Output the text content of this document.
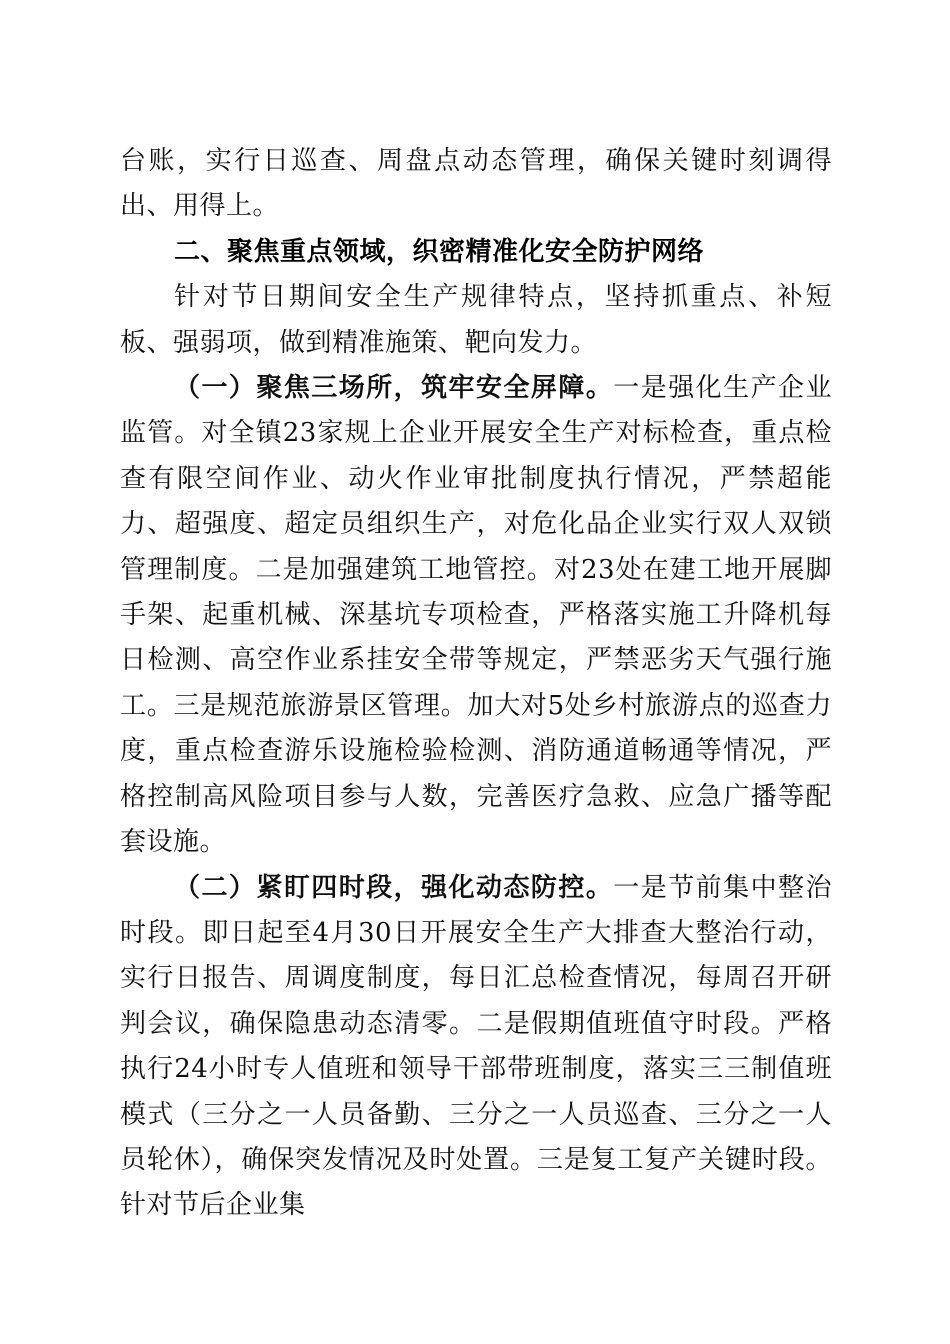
台账，实行日巡查、周盘点动态管理，确保关键时刻调得出、用得上。

二、聚焦重点领域，织密精准化安全防护网络

针对节日期间安全生产规律特点，坚持抓重点、补短板、强弱项，做到精准施策、靶向发力。

（一）聚焦三场所，筑牢安全屏障。一是强化生产企业监管。对全镇23家规上企业开展安全生产对标检查，重点检查有限空间作业、动火作业审批制度执行情况，严禁超能力、超强度、超定员组织生产，对危化品企业实行双人双锁管理制度。二是加强建筑工地管控。对23处在建工地开展脚手架、起重机械、深基坑专项检查，严格落实施工升降机每日检测、高空作业系挂安全带等规定，严禁恶劣天气强行施工。三是规范旅游景区管理。加大对5处乡村旅游点的巡查力度，重点检查游乐设施检验检测、消防通道畅通等情况，严格控制高风险项目参与人数，完善医疗急救、应急广播等配套设施。

（二）紧盯四时段，强化动态防控。一是节前集中整治时段。即日起至4月30日开展安全生产大排查大整治行动，实行日报告、周调度制度，每日汇总检查情况，每周召开研判会议，确保隐患动态清零。二是假期值班值守时段。严格执行24小时专人值班和领导干部带班制度，落实三三制值班模式（三分之一人员备勤、三分之一人员巡查、三分之一人员轮休），确保突发情况及时处置。三是复工复产关键时段。针对节后企业集
